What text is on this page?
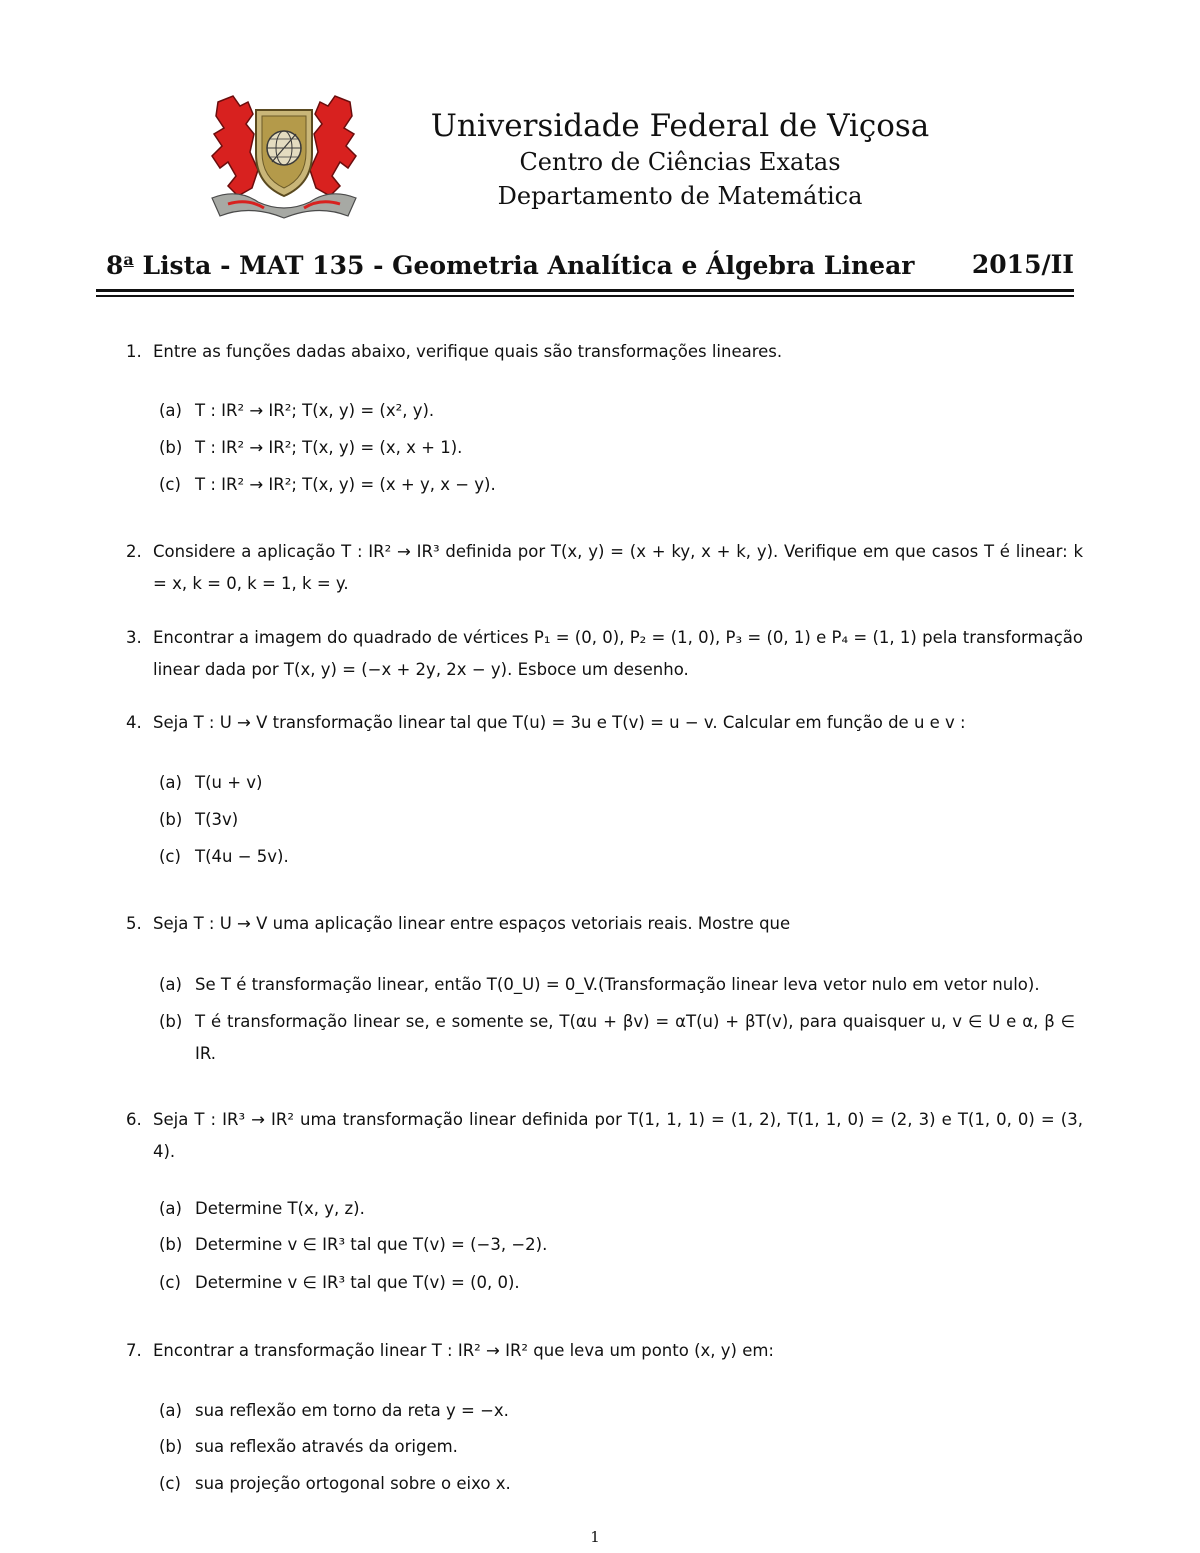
Universidade Federal de Viçosa
Centro de Ciências Exatas
Departamento de Matemática
8$^a$ Lista - MAT 135 - Geometria Analítica e Álgebra Linear 2015/II
1. Entre as funções dadas abaixo, verifique quais são transformações lineares.
(a) T : IR² → IR²; T(x, y) = (x², y).
(b) T : IR² → IR²; T(x, y) = (x, x + 1).
(c) T : IR² → IR²; T(x, y) = (x + y, x − y).
2. Considere a aplicação T : IR² → IR³ definida por T(x, y) = (x + ky, x + k, y). Verifique em que casos T é linear: k = x, k = 0, k = 1, k = y.
3. Encontrar a imagem do quadrado de vértices P₁ = (0, 0), P₂ = (1, 0), P₃ = (0, 1) e P₄ = (1, 1) pela transformação linear dada por T(x, y) = (−x + 2y, 2x − y). Esboce um desenho.
4. Seja T : U → V transformação linear tal que T(u) = 3u e T(v) = u − v. Calcular em função de u e v :
(a) T(u + v)
(b) T(3v)
(c) T(4u − 5v).
5. Seja T : U → V uma aplicação linear entre espaços vetoriais reais. Mostre que
(a) Se T é transformação linear, então T(0_U) = 0_V.(Transformação linear leva vetor nulo em vetor nulo).
(b) T é transformação linear se, e somente se, T(αu + βv) = αT(u) + βT(v), para quaisquer u, v ∈ U e α, β ∈ IR.
6. Seja T : IR³ → IR² uma transformação linear definida por T(1, 1, 1) = (1, 2), T(1, 1, 0) = (2, 3) e T(1, 0, 0) = (3, 4).
(a) Determine T(x, y, z).
(b) Determine v ∈ IR³ tal que T(v) = (−3, −2).
(c) Determine v ∈ IR³ tal que T(v) = (0, 0).
7. Encontrar a transformação linear T : IR² → IR² que leva um ponto (x, y) em:
(a) sua reflexão em torno da reta y = −x.
(b) sua reflexão através da origem.
(c) sua projeção ortogonal sobre o eixo x.
1
